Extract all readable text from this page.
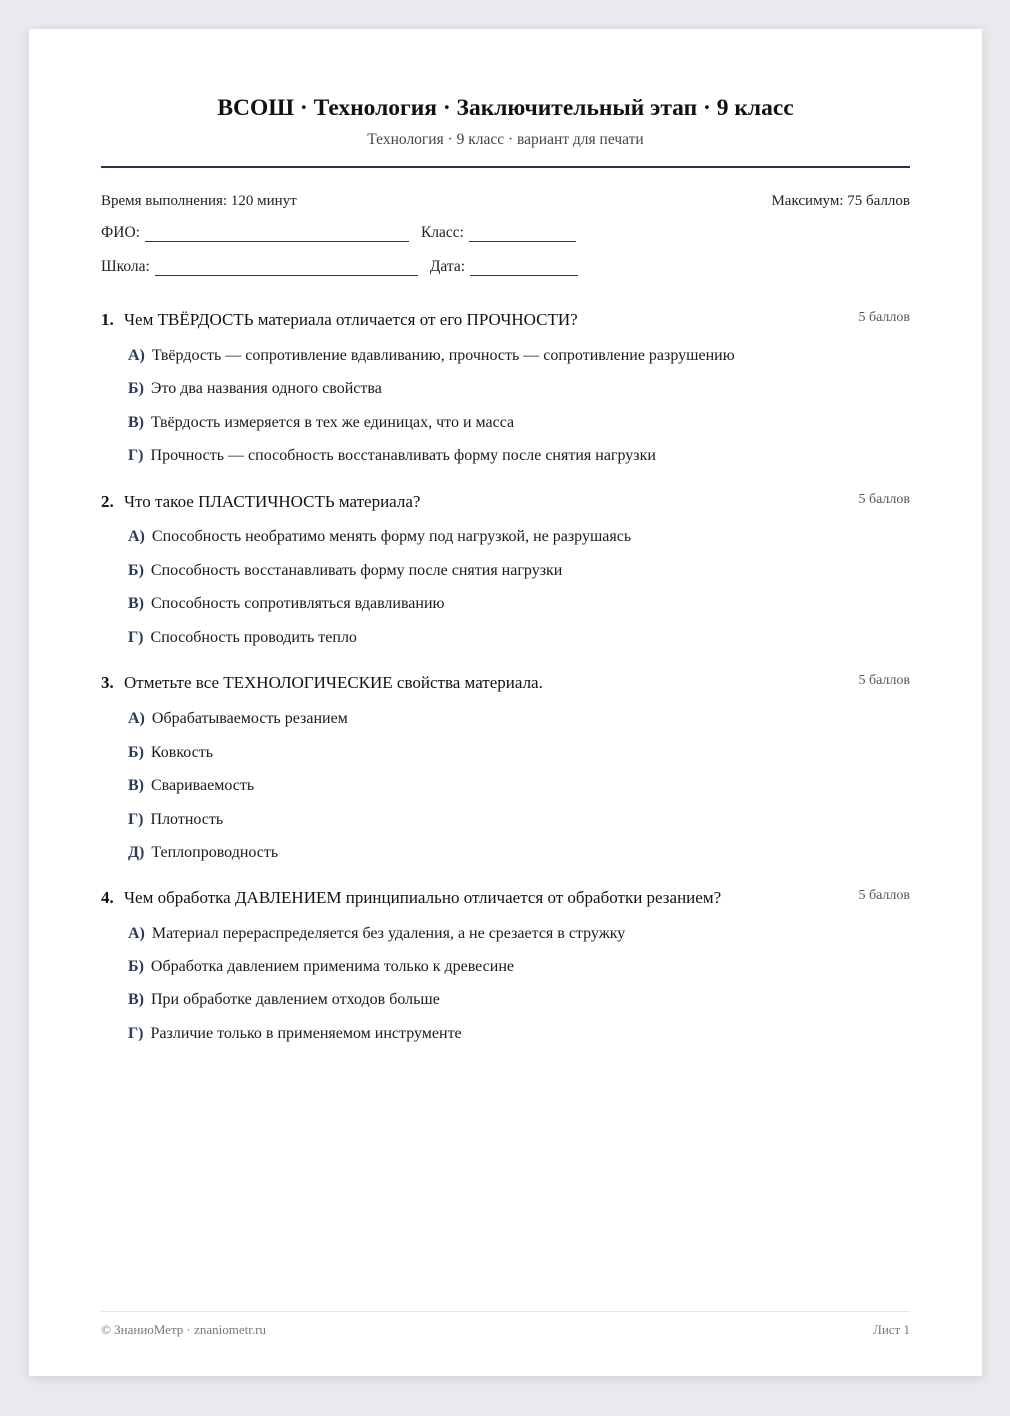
ВСОШ · Технология · Заключительный этап · 9 класс
Технология · 9 класс · вариант для печати
Время выполнения: 120 минут	Максимум: 75 баллов
ФИО:	Класс:
Школа:	Дата:
1. Чем ТВЁРДОСТЬ материала отличается от его ПРОЧНОСТИ?	5 баллов
А) Твёрдость — сопротивление вдавливанию, прочность — сопротивление разрушению
Б) Это два названия одного свойства
В) Твёрдость измеряется в тех же единицах, что и масса
Г) Прочность — способность восстанавливать форму после снятия нагрузки
2. Что такое ПЛАСТИЧНОСТЬ материала?	5 баллов
А) Способность необратимо менять форму под нагрузкой, не разрушаясь
Б) Способность восстанавливать форму после снятия нагрузки
В) Способность сопротивляться вдавливанию
Г) Способность проводить тепло
3. Отметьте все ТЕХНОЛОГИЧЕСКИЕ свойства материала.	5 баллов
А) Обрабатываемость резанием
Б) Ковкость
В) Свариваемость
Г) Плотность
Д) Теплопроводность
4. Чем обработка ДАВЛЕНИЕМ принципиально отличается от обработки резанием?	5 баллов
А) Материал перераспределяется без удаления, а не срезается в стружку
Б) Обработка давлением применима только к древесине
В) При обработке давлением отходов больше
Г) Различие только в применяемом инструменте
© ЗнаниоМетр · znaniometr.ru	Лист 1
